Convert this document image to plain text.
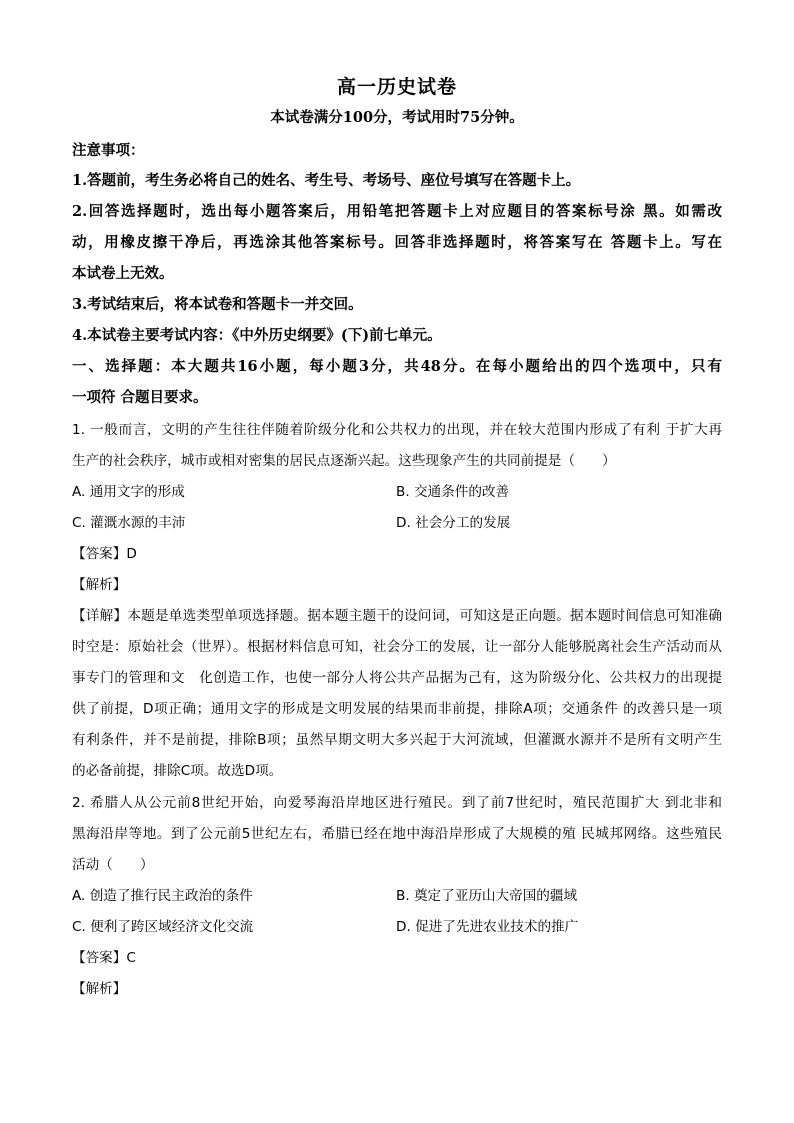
高一历史试卷
本试卷满分100分，考试用时75分钟。
注意事项：
1.答题前，考生务必将自己的姓名、考生号、考场号、座位号填写在答题卡上。
2.回答选择题时，选出每小题答案后，用铅笔把答题卡上对应题目的答案标号涂 黑。如需改
动，用橡皮擦干净后，再选涂其他答案标号。回答非选择题时，将答案写在 答题卡上。写在
本试卷上无效。
3.考试结束后，将本试卷和答题卡一并交回。
4.本试卷主要考试内容：《中外历史纲要》(下)前七单元。
一、选择题：本大题共16小题，每小题3分，共48分。在每小题给出的四个选项中，只有
一项符 合题目要求。
1. 一般而言，文明的产生往往伴随着阶级分化和公共权力的出现，并在较大范围内形成了有利 于扩大再
生产的社会秩序，城市或相对密集的居民点逐渐兴起。这些现象产生的共同前提是（　　）
A. 通用文字的形成	B. 交通条件的改善
C. 灌溉水源的丰沛	D. 社会分工的发展
【答案】D
【解析】
【详解】本题是单选类型单项选择题。据本题主题干的设问词，可知这是正向题。据本题时间信息可知准确
时空是：原始社会（世界）。根据材料信息可知，社会分工的发展，让一部分人能够脱离社会生产活动而从
事专门的管理和文　化创造工作，也使一部分人将公共产品据为己有，这为阶级分化、公共权力的出现提
供了前提，D项正确；通用文字的形成是文明发展的结果而非前提，排除A项；交通条件 的改善只是一项
有利条件，并不是前提，排除B项；虽然早期文明大多兴起于大河流域，但灌溉水源并不是所有文明产生
的必备前提，排除C项。故选D项。
2. 希腊人从公元前8世纪开始，向爱琴海沿岸地区进行殖民。到了前7世纪时，殖民范围扩大 到北非和
黑海沿岸等地。到了公元前5世纪左右，希腊已经在地中海沿岸形成了大规模的殖 民城邦网络。这些殖民
活动（　　）
A. 创造了推行民主政治的条件	B. 奠定了亚历山大帝国的疆域
C. 便利了跨区域经济文化交流	D. 促进了先进农业技术的推广
【答案】C
【解析】
